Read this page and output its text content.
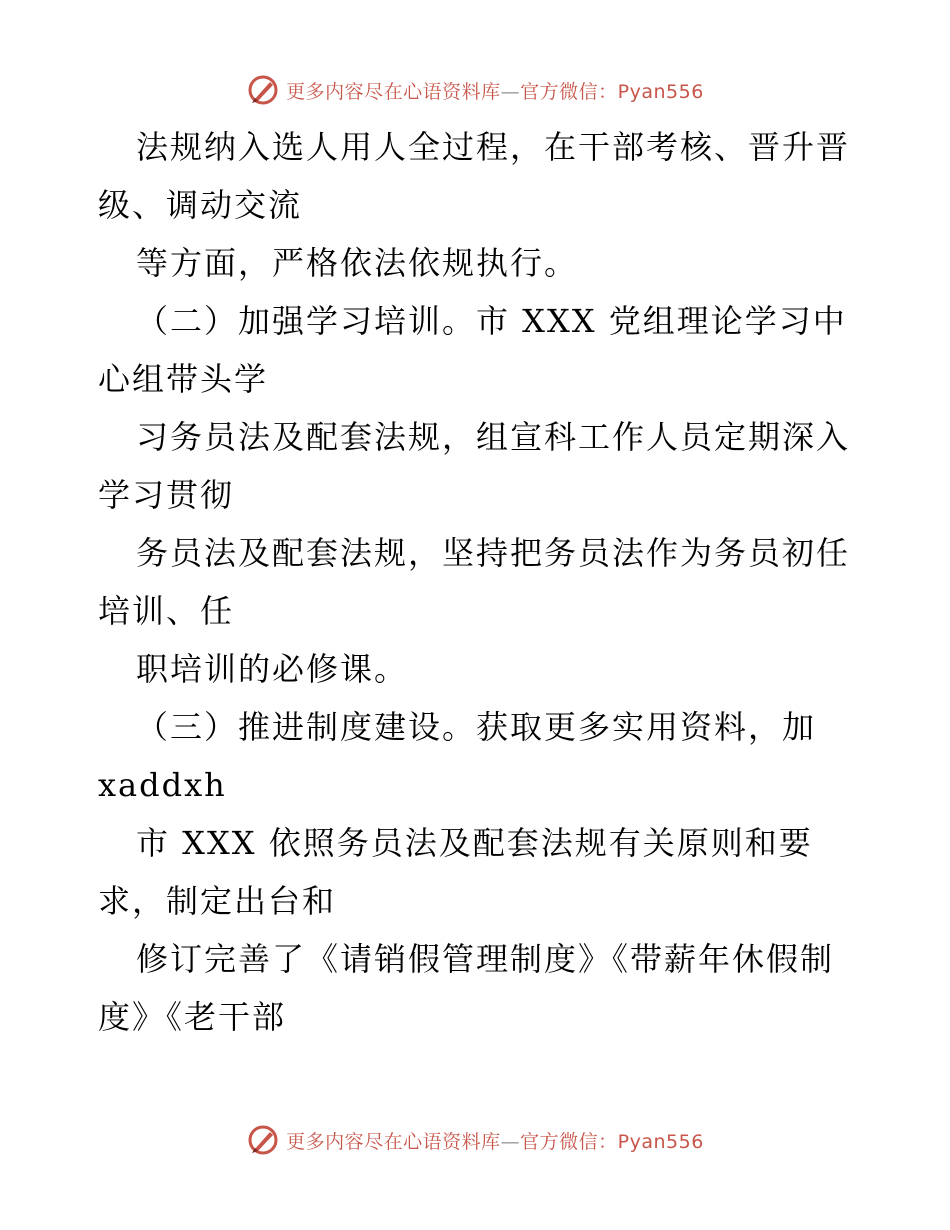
更多内容尽在心语资料库—官方微信：Pyan556
法规纳入选人用人全过程，在干部考核、晋升晋
级、调动交流
等方面，严格依法依规执行。
（二）加强学习培训。市 XXX 党组理论学习中
心组带头学
习务员法及配套法规，组宣科工作人员定期深入
学习贯彻
务员法及配套法规，坚持把务员法作为务员初任
培训、任
职培训的必修课。
（三）推进制度建设。获取更多实用资料，加
xaddxh
市 XXX 依照务员法及配套法规有关原则和要
求，制定出台和
修订完善了《请销假管理制度》《带薪年休假制
度》《老干部
更多内容尽在心语资料库—官方微信：Pyan556
